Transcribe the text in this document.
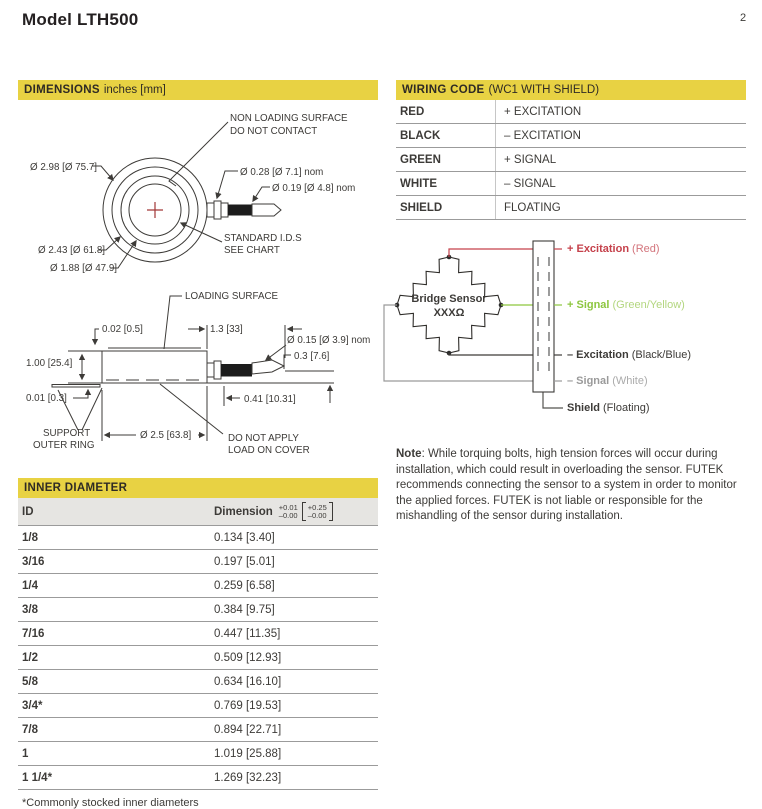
Model LTH500	2
DIMENSIONS inches [mm]
Ø 2.98 [Ø 75.7]
NON LOADING SURFACE
DO NOT CONTACT
Ø 0.28 [Ø 7.1] nom
Ø 0.19 [Ø 4.8] nom
STANDARD I.D.S
SEE CHART
Ø 2.43 [Ø 61.8]
Ø 1.88 [Ø 47.9]
LOADING SURFACE
0.02 [0.5]	1.3 [33]
Ø 0.15 [Ø 3.9] nom
0.3 [7.6]
1.00 [25.4]
0.01 [0.3]	0.41 [10.31]
SUPPORT
OUTER RING
Ø 2.5 [63.8]	DO NOT APPLY
LOAD ON COVER
INNER DIAMETER
ID	Dimension +0.01
–0.00
+0.25
–0.00

1/8	0.134 [3.40]
3/16	0.197 [5.01]
1/4	0.259 [6.58]
3/8	0.384 [9.75]
7/16	0.447 [11.35]
1/2	0.509 [12.93]
5/8	0.634 [16.10]
3/4*	0.769 [19.53]
7/8	0.894 [22.71]
1	1.019 [25.88]
1 1/4*	1.269 [32.23]
*Commonly stocked inner diameters
WIRING CODE (WC1 WITH SHIELD)
RED	+ EXCITATION
BLACK	– EXCITATION
GREEN	+ SIGNAL
WHITE	– SIGNAL
SHIELD	FLOATING
Bridge Sensor
XXXΩ
+ Excitation (Red)
+ Signal (Green/Yellow)
– Excitation (Black/Blue)
– Signal (White)
Shield (Floating)
Note: While torquing bolts, high tension forces will occur during installation, which could result in overloading the sensor. FUTEK recommends connecting the sensor to a system in order to monitor the applied forces. FUTEK is not liable or responsible for the mishandling of the sensor during installation.
